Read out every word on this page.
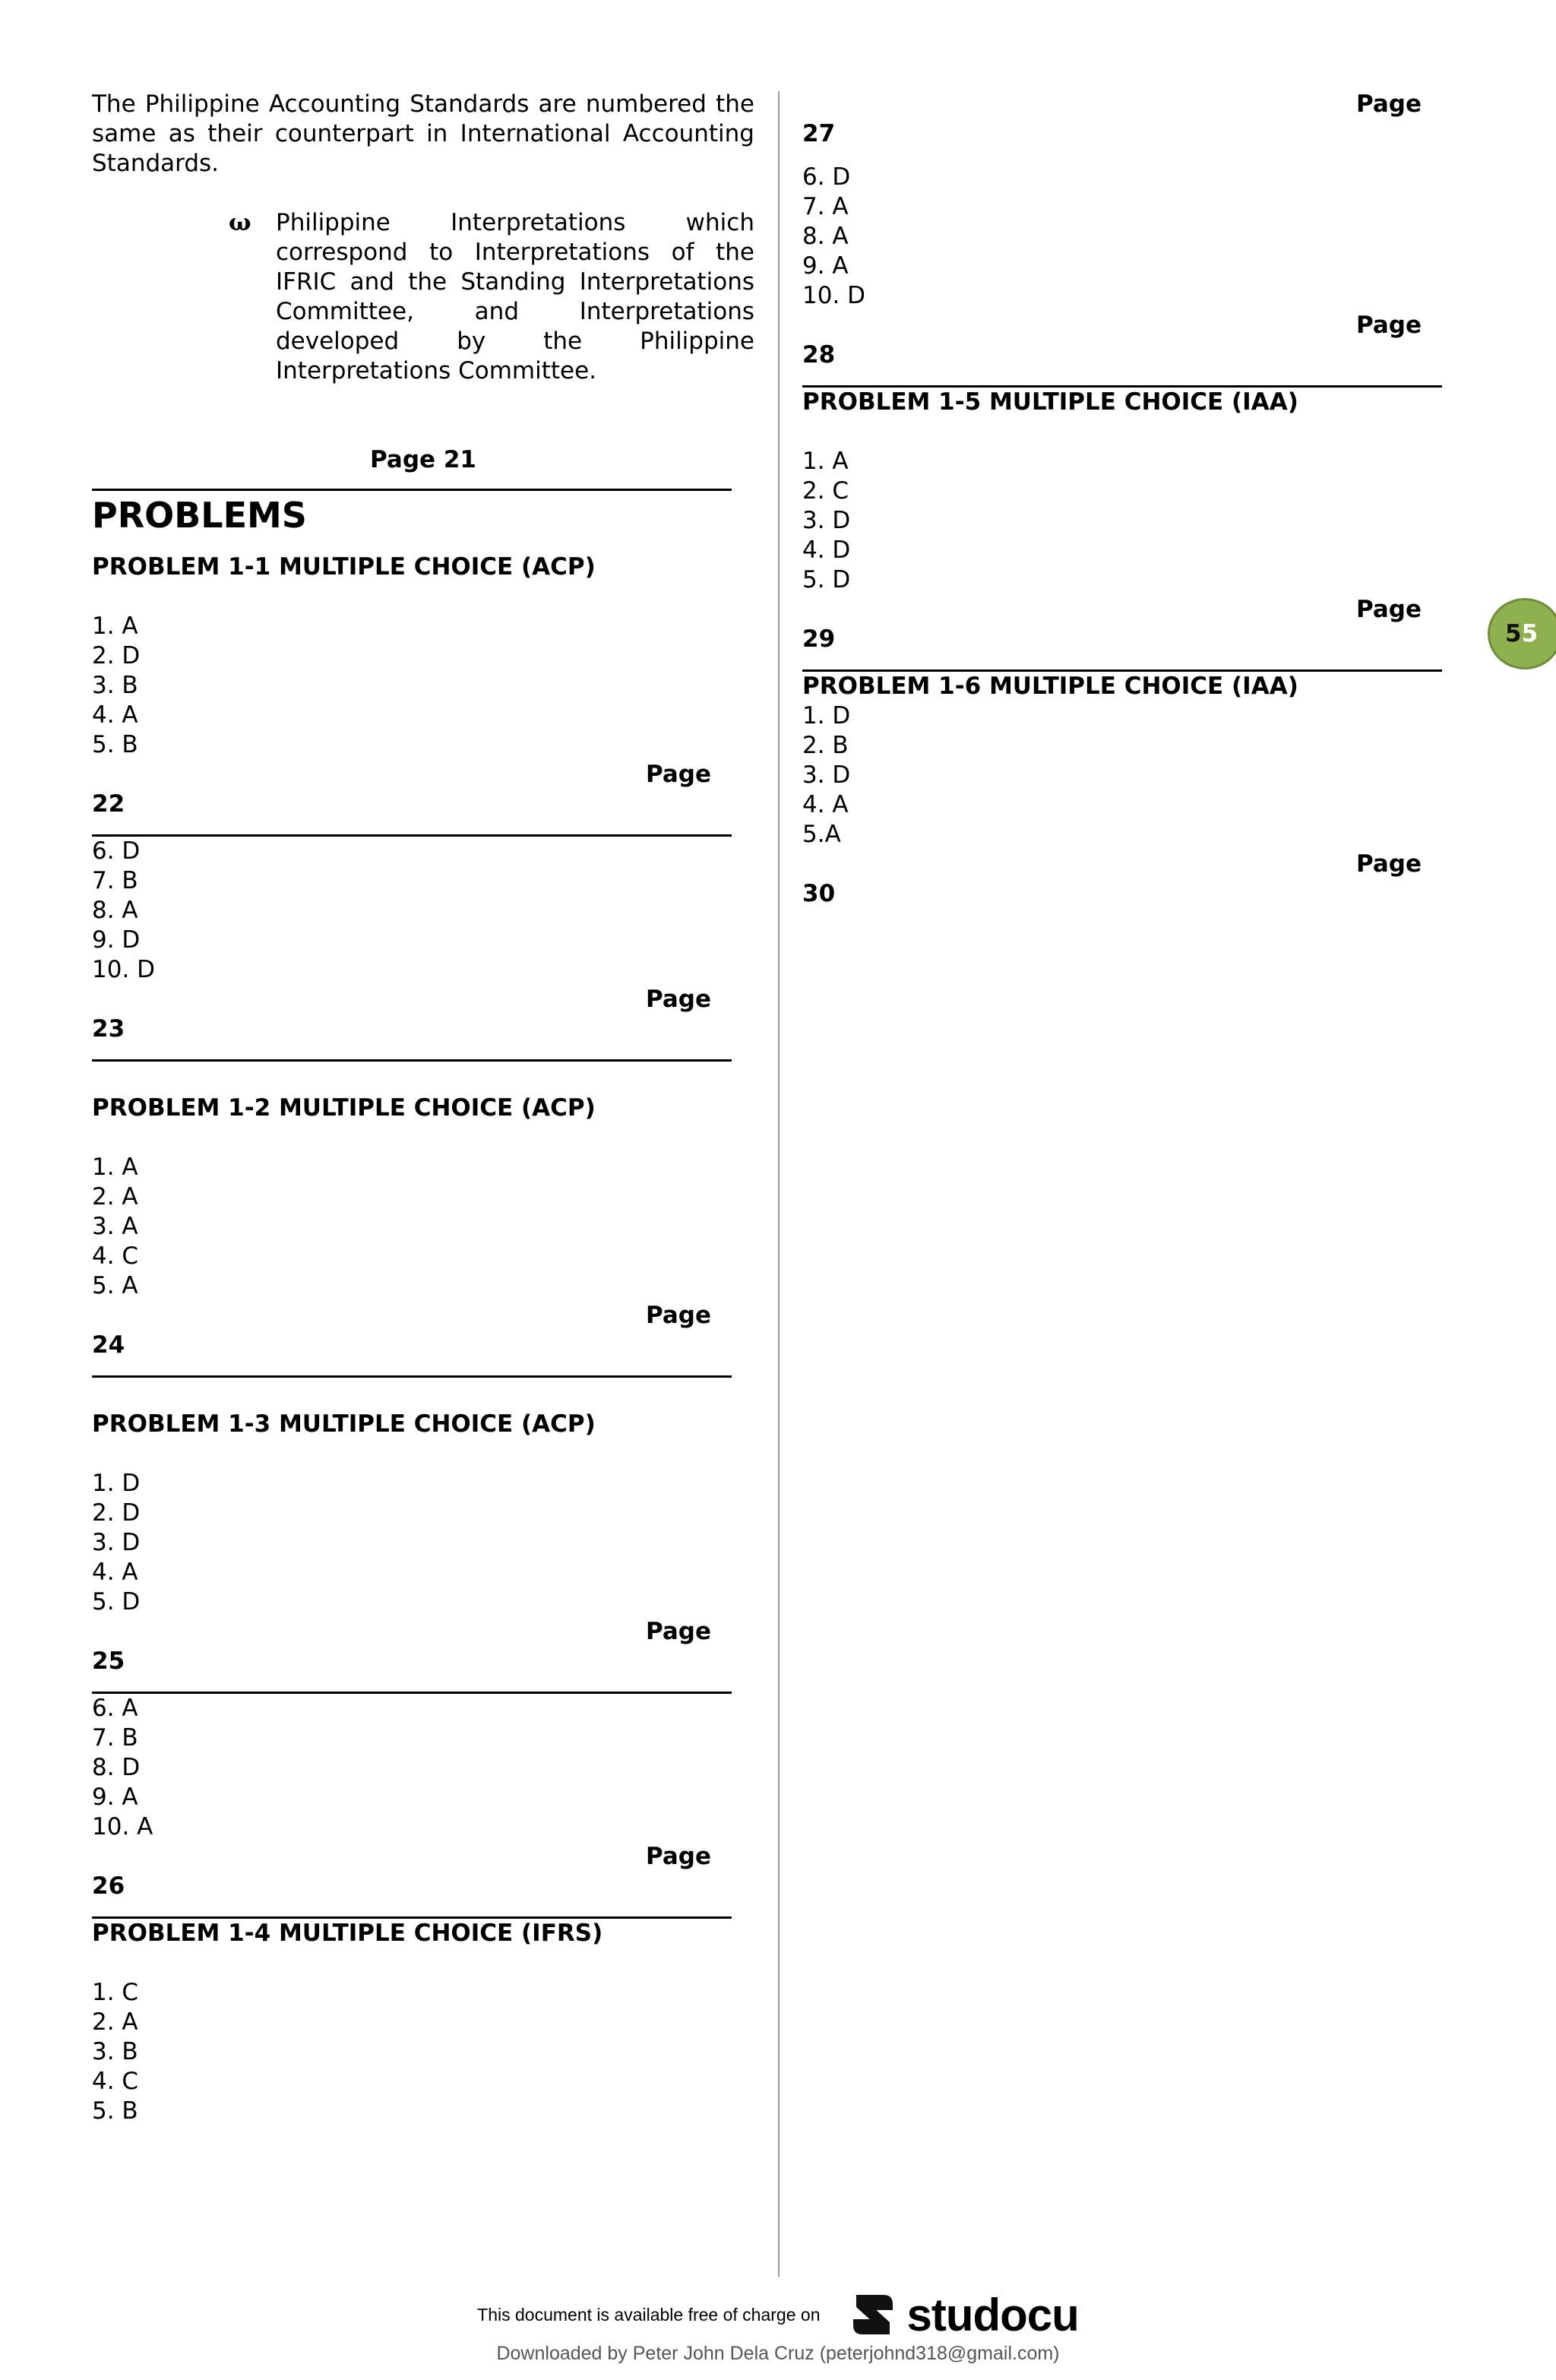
The Philippine Accounting Standards are numbered the same as their counterpart in International Accounting Standards.

ω	Philippine Interpretations which correspond to Interpretations of the IFRIC and the Standing Interpretations Committee, and Interpretations developed by the Philippine Interpretations Committee.

Page 21

PROBLEMS
PROBLEM 1-1 MULTIPLE CHOICE (ACP)
1. A
2. D
3. B
4. A
5. B
Page
22
6. D
7. B
8. A
9. D
10. D
Page
23
PROBLEM 1-2 MULTIPLE CHOICE (ACP)
1. A
2. A
3. A
4. C
5. A
Page
24
PROBLEM 1-3 MULTIPLE CHOICE (ACP)
1. D
2. D
3. D
4. A
5. D
Page
25
6. A
7. B
8. D
9. A
10. A
Page
26
PROBLEM 1-4 MULTIPLE CHOICE (IFRS)
1. C
2. A
3. B
4. C
5. B
Page
27
6. D
7. A
8. A
9. A
10. D
Page
28
PROBLEM 1-5 MULTIPLE CHOICE (IAA)
1. A
2. C
3. D
4. D
5. D
Page
29
PROBLEM 1-6 MULTIPLE CHOICE (IAA)
1. D
2. B
3. D
4. A
5.A
Page
30
5 5
This document is available free of charge on studocu
Downloaded by Peter John Dela Cruz (peterjohnd318@gmail.com)
